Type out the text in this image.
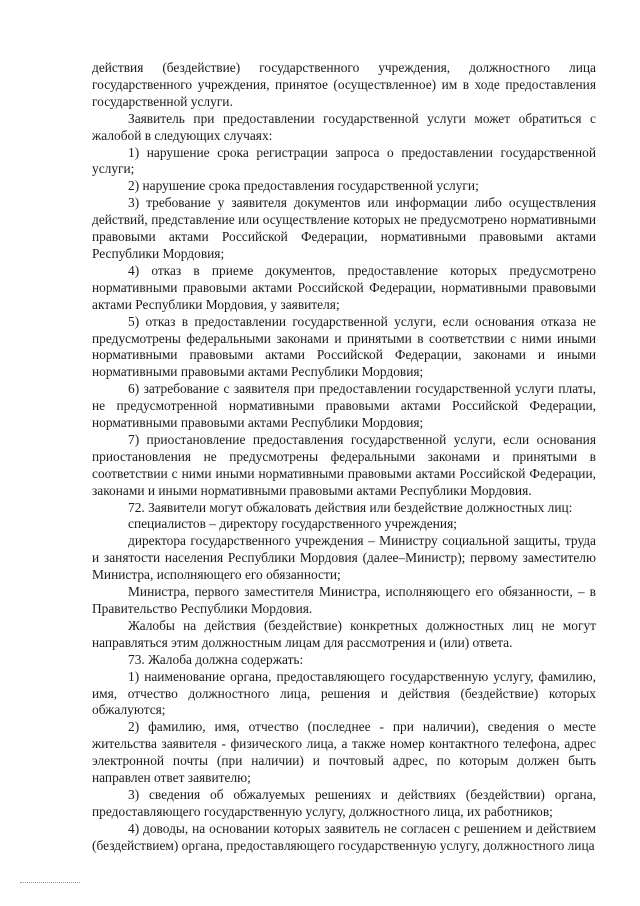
действия (бездействие) государственного учреждения, должностного лица государственного учреждения, принятое (осуществленное) им в ходе предоставления государственной услуги.

Заявитель при предоставлении государственной услуги может обратиться с жалобой в следующих случаях:

1) нарушение срока регистрации запроса о предоставлении государственной услуги;

2) нарушение срока предоставления государственной услуги;

3) требование у заявителя документов или информации либо осуществления действий, представление или осуществление которых не предусмотрено нормативными правовыми актами Российской Федерации, нормативными правовыми актами Республики Мордовия;

4) отказ в приеме документов, предоставление которых предусмотрено нормативными правовыми актами Российской Федерации, нормативными правовыми актами Республики Мордовия, у заявителя;

5) отказ в предоставлении государственной услуги, если основания отказа не предусмотрены федеральными законами и принятыми в соответствии с ними иными нормативными правовыми актами Российской Федерации, законами и иными нормативными правовыми актами Республики Мордовия;

6) затребование с заявителя при предоставлении государственной услуги платы, не предусмотренной нормативными правовыми актами Российской Федерации, нормативными правовыми актами Республики Мордовия;

7) приостановление предоставления государственной услуги, если основания приостановления не предусмотрены федеральными законами и принятыми в соответствии с ними иными нормативными правовыми актами Российской Федерации, законами и иными нормативными правовыми актами Республики Мордовия.

72. Заявители могут обжаловать действия или бездействие должностных лиц:

специалистов – директору государственного учреждения;

директора государственного учреждения – Министру социальной защиты, труда и занятости населения Республики Мордовия (далее–Министр); первому заместителю Министра, исполняющего его обязанности;

Министра, первого заместителя Министра, исполняющего его обязанности, – в Правительство Республики Мордовия.

Жалобы на действия (бездействие) конкретных должностных лиц не могут направляться этим должностным лицам для рассмотрения и (или) ответа.

73. Жалоба должна содержать:

1) наименование органа, предоставляющего государственную услугу, фамилию, имя, отчество должностного лица, решения и действия (бездействие) которых обжалуются;

2) фамилию, имя, отчество (последнее - при наличии), сведения о месте жительства заявителя - физического лица, а также номер контактного телефона, адрес электронной почты (при наличии) и почтовый адрес, по которым должен быть направлен ответ заявителю;

3) сведения об обжалуемых решениях и действиях (бездействии) органа, предоставляющего государственную услугу, должностного лица, их работников;

4) доводы, на основании которых заявитель не согласен с решением и действием (бездействием) органа, предоставляющего государственную услугу, должностного лица
